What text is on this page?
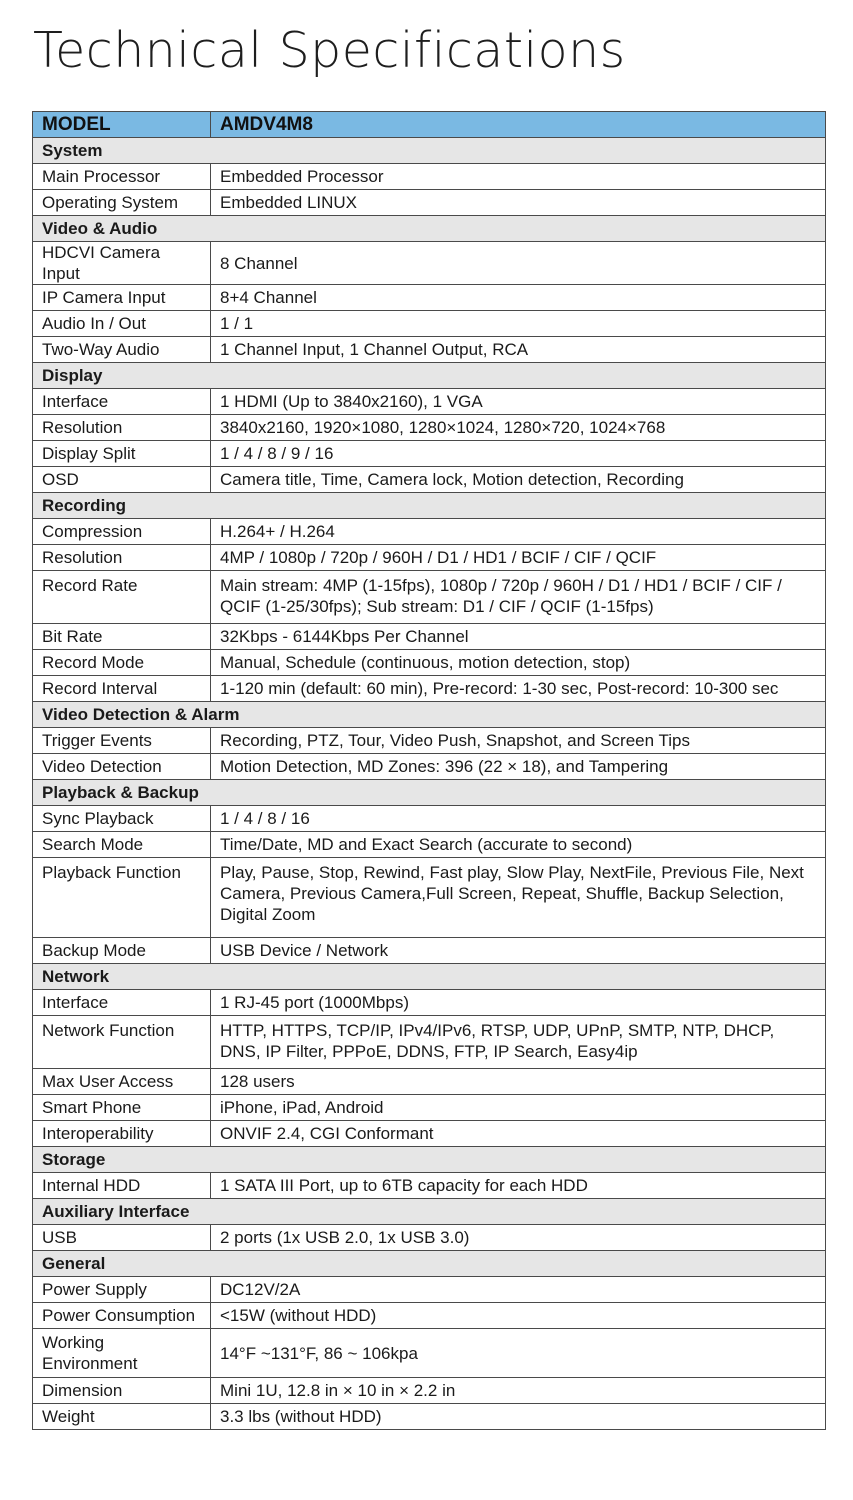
Technical Specifications
MODEL	AMDV4M8
System	
Main Processor	Embedded Processor
Operating System	Embedded LINUX
Video & Audio	
HDCVI Camera Input	8 Channel
IP Camera Input	8+4 Channel
Audio In / Out	1 / 1
Two-Way Audio	1 Channel Input, 1 Channel Output, RCA
Display	
Interface	1 HDMI (Up to 3840x2160), 1 VGA
Resolution	3840x2160, 1920×1080, 1280×1024, 1280×720, 1024×768
Display Split	1 / 4 / 8 / 9 / 16
OSD	Camera title, Time, Camera lock, Motion detection, Recording
Recording	
Compression	H.264+ / H.264
Resolution	4MP / 1080p / 720p / 960H / D1 / HD1 / BCIF / CIF / QCIF
Record Rate	Main stream: 4MP (1-15fps), 1080p / 720p / 960H / D1 / HD1 / BCIF / CIF / QCIF (1-25/30fps); Sub stream: D1 / CIF / QCIF (1-15fps)
Bit Rate	32Kbps - 6144Kbps Per Channel
Record Mode	Manual, Schedule (continuous, motion detection, stop)
Record Interval	1-120 min (default: 60 min), Pre-record: 1-30 sec, Post-record: 10-300 sec
Video Detection & Alarm	
Trigger Events	Recording, PTZ, Tour, Video Push, Snapshot, and Screen Tips
Video Detection	Motion Detection, MD Zones: 396 (22 × 18), and Tampering
Playback & Backup	
Sync Playback	1 / 4 / 8 / 16
Search Mode	Time/Date, MD and Exact Search (accurate to second)
Playback Function	Play, Pause, Stop, Rewind, Fast play, Slow Play, NextFile, Previous File, Next Camera, Previous Camera,Full Screen, Repeat, Shuffle, Backup Selection, Digital Zoom
Backup Mode	USB Device / Network
Network	
Interface	1 RJ-45 port (1000Mbps)
Network Function	HTTP, HTTPS, TCP/IP, IPv4/IPv6, RTSP, UDP, UPnP, SMTP, NTP, DHCP, DNS, IP Filter, PPPoE, DDNS, FTP, IP Search, Easy4ip
Max User Access	128 users
Smart Phone	iPhone, iPad, Android
Interoperability	ONVIF 2.4, CGI Conformant
Storage	
Internal HDD	1 SATA III Port, up to 6TB capacity for each HDD
Auxiliary Interface	
USB	2 ports (1x USB 2.0, 1x USB 3.0)
General	
Power Supply	DC12V/2A
Power Consumption	<15W (without HDD)
Working Environment	14°F ~131°F, 86 ~ 106kpa
Dimension	Mini 1U, 12.8 in × 10 in × 2.2 in
Weight	3.3 lbs (without HDD)
